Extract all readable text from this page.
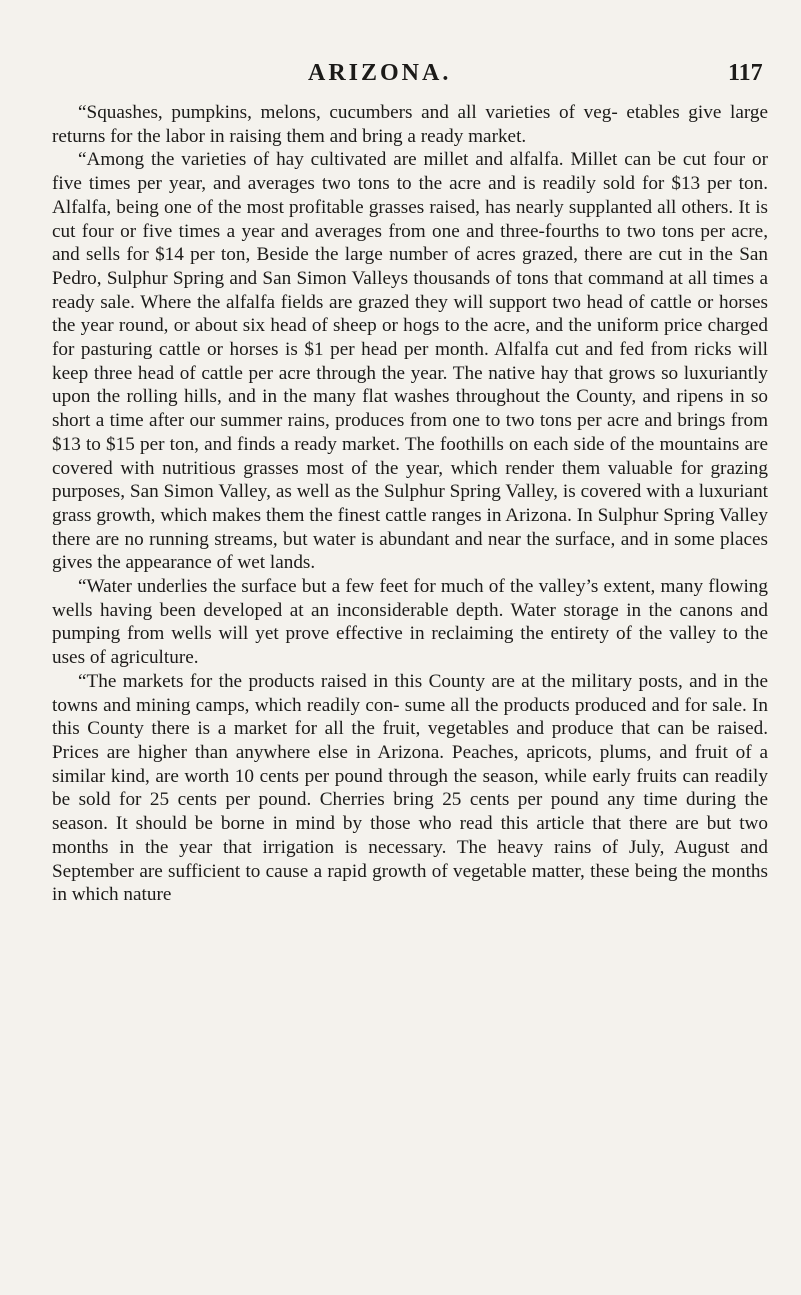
ARIZONA.	117

“Squashes, pumpkins, melons, cucumbers and all varieties of veg- etables give large returns for the labor in raising them and bring a ready market.

“Among the varieties of hay cultivated are millet and alfalfa. Millet can be cut four or five times per year, and averages two tons to the acre and is readily sold for $13 per ton. Alfalfa, being one of the most profitable grasses raised, has nearly supplanted all others. It is cut four or five times a year and averages from one and three-fourths to two tons per acre, and sells for $14 per ton, Beside the large number of acres grazed, there are cut in the San Pedro, Sulphur Spring and San Simon Valleys thousands of tons that command at all times a ready sale. Where the alfalfa fields are grazed they will support two head of cattle or horses the year round, or about six head of sheep or hogs to the acre, and the uniform price charged for pasturing cattle or horses is $1 per head per month. Alfalfa cut and fed from ricks will keep three head of cattle per acre through the year. The native hay that grows so luxuriantly upon the rolling hills, and in the many flat washes throughout the County, and ripens in so short a time after our summer rains, produces from one to two tons per acre and brings from $13 to $15 per ton, and finds a ready market. The foothills on each side of the mountains are covered with nutritious grasses most of the year, which render them valuable for grazing purposes, San Simon Valley, as well as the Sulphur Spring Valley, is covered with a luxuriant grass growth, which makes them the finest cattle ranges in Arizona. In Sulphur Spring Valley there are no running streams, but water is abundant and near the surface, and in some places gives the appearance of wet lands.

“Water underlies the surface but a few feet for much of the valley’s extent, many flowing wells having been developed at an inconsiderable depth. Water storage in the canons and pumping from wells will yet prove effective in reclaiming the entirety of the valley to the uses of agriculture.

“The markets for the products raised in this County are at the military posts, and in the towns and mining camps, which readily con- sume all the products produced and for sale. In this County there is a market for all the fruit, vegetables and produce that can be raised. Prices are higher than anywhere else in Arizona. Peaches, apricots, plums, and fruit of a similar kind, are worth 10 cents per pound through the season, while early fruits can readily be sold for 25 cents per pound. Cherries bring 25 cents per pound any time during the season. It should be borne in mind by those who read this article that there are but two months in the year that irrigation is necessary. The heavy rains of July, August and September are sufficient to cause a rapid growth of vegetable matter, these being the months in which nature
